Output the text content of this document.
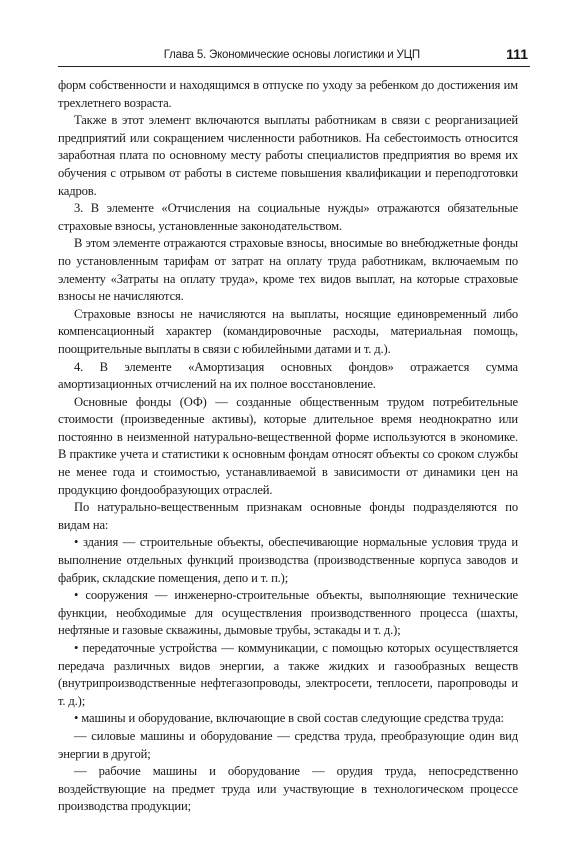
Глава 5. Экономические основы логистики и УЦП	111

форм собственности и находящимся в отпуске по уходу за ребенком до достижения им трехлетнего возраста.

Также в этот элемент включаются выплаты работникам в связи с реорганизацией предприятий или сокращением численности работников. На себестоимость относится заработная плата по основному месту работы специалистов предприятия во время их обучения с отрывом от работы в системе повышения квалификации и переподготовки кадров.

3. В элементе «Отчисления на социальные нужды» отражаются обязательные страховые взносы, установленные законодательством.

В этом элементе отражаются страховые взносы, вносимые во внебюджетные фонды по установленным тарифам от затрат на оплату труда работникам, включаемым по элементу «Затраты на оплату труда», кроме тех видов выплат, на которые страховые взносы не начисляются.

Страховые взносы не начисляются на выплаты, носящие единовременный либо компенсационный характер (командировочные расходы, материальная помощь, поощрительные выплаты в связи с юбилейными датами и т. д.).

4. В элементе «Амортизация основных фондов» отражается сумма амортизационных отчислений на их полное восстановление.

Основные фонды (ОФ) — созданные общественным трудом потребительные стоимости (произведенные активы), которые длительное время неоднократно или постоянно в неизменной натурально-вещественной форме используются в экономике. В практике учета и статистики к основным фондам относят объекты со сроком службы не менее года и стоимостью, устанавливаемой в зависимости от динамики цен на продукцию фондообразующих отраслей.

По натурально-вещественным признакам основные фонды подразделяются по видам на:

• здания — строительные объекты, обеспечивающие нормальные условия труда и выполнение отдельных функций производства (производственные корпуса заводов и фабрик, складские помещения, депо и т. п.);

• сооружения — инженерно-строительные объекты, выполняющие технические функции, необходимые для осуществления производственного процесса (шахты, нефтяные и газовые скважины, дымовые трубы, эстакады и т. д.);

• передаточные устройства — коммуникации, с помощью которых осуществляется передача различных видов энергии, а также жидких и газообразных веществ (внутрипроизводственные нефтегазопроводы, электросети, теплосети, паропроводы и т. д.);

• машины и оборудование, включающие в свой состав следующие средства труда:

— силовые машины и оборудование — средства труда, преобразующие один вид энергии в другой;

— рабочие машины и оборудование — орудия труда, непосредственно воздействующие на предмет труда или участвующие в технологическом процессе производства продукции;
